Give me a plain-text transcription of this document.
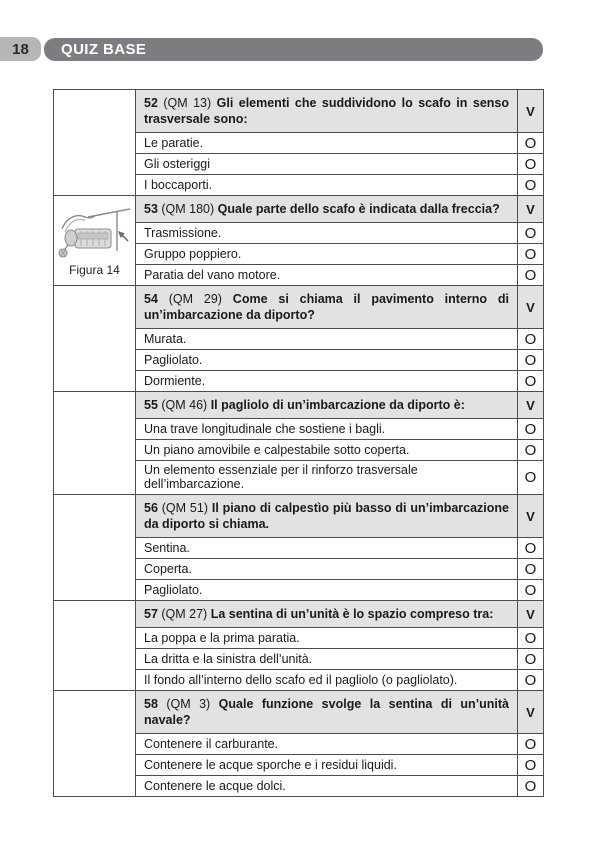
18 QUIZ BASE
	52 (QM 13) Gli elementi che suddividono lo scafo in senso trasversale sono:	V
	Le paratie.	O
	Gli osteriggi	O
	I boccaporti.	O

Figura 14	53 (QM 180) Quale parte dello scafo è indicata dalla freccia?	V
	Trasmissione.	O
	Gruppo poppiero.	O
	Paratia del vano motore.	O
	54 (QM 29) Come si chiama il pavimento interno di un’imbarcazione da diporto?	V
	Murata.	O
	Pagliolato.	O
	Dormiente.	O
	55 (QM 46) Il pagliolo di un’imbarcazione da diporto è:	V
	Una trave longitudinale che sostiene i bagli.	O
	Un piano amovibile e calpestabile sotto coperta.	O
	Un elemento essenziale per il rinforzo trasversale dell’imbarcazione.	O
	56 (QM 51) Il piano di calpestìo più basso di un’imbarcazione da diporto si chiama.	V
	Sentina.	O
	Coperta.	O
	Pagliolato.	O
	57 (QM 27) La sentina di un’unità è lo spazio compreso tra:	V
	La poppa e la prima paratia.	O
	La dritta e la sinistra dell’unità.	O
	Il fondo all’interno dello scafo ed il pagliolo (o pagliolato).	O
	58 (QM 3) Quale funzione svolge la sentina di un’unità navale?	V
	Contenere il carburante.	O
	Contenere le acque sporche e i residui liquidi.	O
	Contenere le acque dolci.	O
